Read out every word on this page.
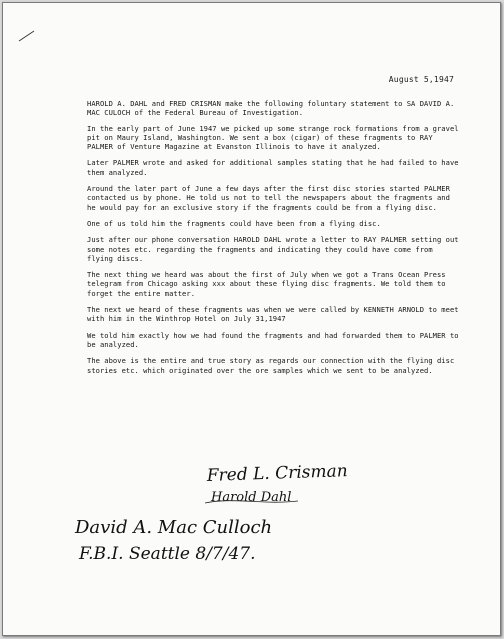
August 5,1947

HAROLD A. DAHL and FRED CRISMAN make the following foluntary statement to SA DAVID A. MAC CULOCH of the Federal Bureau of Investigation.

In the early part of June 1947 we picked up some strange rock formations from a gravel pit on Maury Island, Washington. We sent a box (cigar) of these fragments to RAY PALMER of Venture Magazine at Evanston Illinois to have it analyzed.

Later PALMER wrote and asked for additional samples stating that he had failed to have them analyzed.

Around the later part of June a few days after the first disc stories started PALMER contacted us by phone. He told us not to tell the newspapers about the fragments and he would pay for an exclusive story if the fragments could be from a flying disc.

One of us told him the fragments could have been from a flying disc.

Just after our phone conversation HAROLD DAHL wrote a letter to RAY PALMER setting out some notes etc. regarding the fragments and indicating they could have come from flying discs.

The next thing we heard was about the first of July when we got a Trans Ocean Press telegram from Chicago asking xxx about these flying disc fragments. We told them to forget the entire matter.

The next we heard of these fragments was when we were called by KENNETH ARNOLD to meet with him in the Winthrop Hotel on July 31,1947

We told him exactly how we had found the fragments and had forwarded them to PALMER to be analyzed.

The above is the entire and true story as regards our connection with the flying disc stories etc. which originated over the ore samples which we sent to be analyzed.

Fred L. Crisman
Harold Dahl
David A. Mac Culloch
F.B.I. Seattle 8/7/47.
